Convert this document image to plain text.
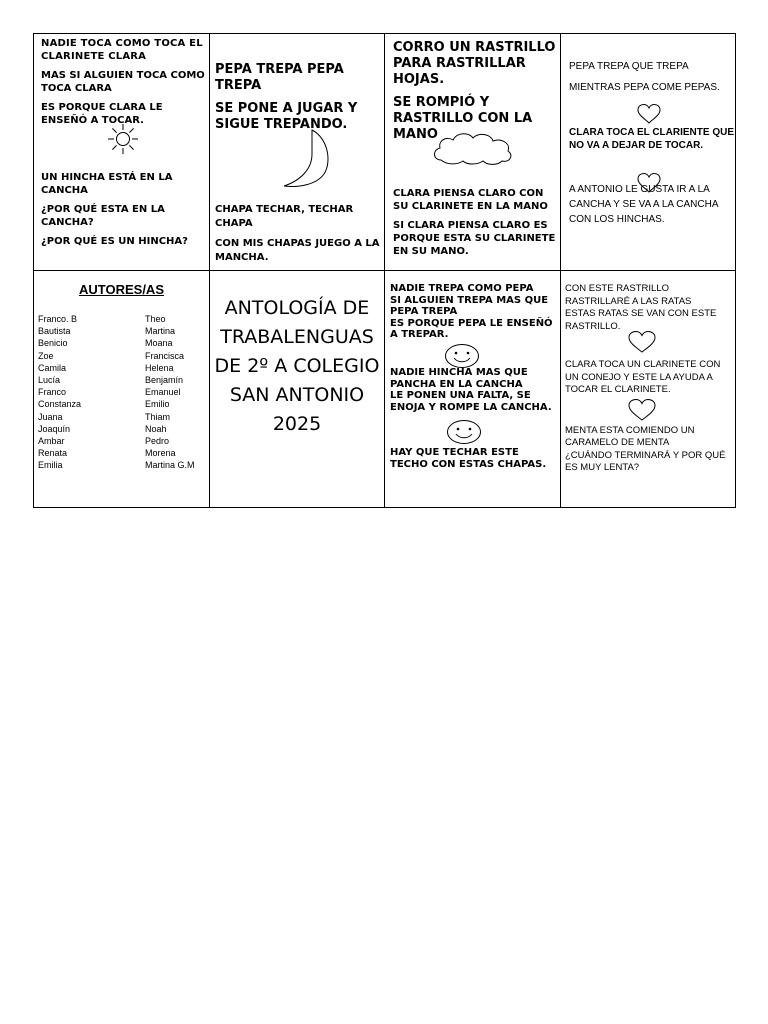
NADIE TOCA COMO TOCA EL CLARINETE CLARA

MAS SI ALGUIEN TOCA COMO TOCA CLARA

ES PORQUE CLARA LE ENSEÑÓ A TOCAR.

UN HINCHA ESTÁ EN LA CANCHA

¿POR QUÉ ESTA EN LA CANCHA?

¿POR QUÉ ES UN HINCHA?

PEPA TREPA PEPA TREPA

SE PONE A JUGAR Y SIGUE TREPANDO.

CHAPA TECHAR, TECHAR CHAPA

CON MIS CHAPAS JUEGO A LA MANCHA.

CORRO UN RASTRILLO PARA RASTRILLAR HOJAS.

SE ROMPIÓ Y RASTRILLO CON LA MANO

CLARA PIENSA CLARO CON SU CLARINETE EN LA MANO

SI CLARA PIENSA CLARO ES PORQUE ESTA SU CLARINETE EN SU MANO.

PEPA TREPA QUE TREPA

MIENTRAS PEPA COME PEPAS.

CLARA TOCA EL CLARIENTE QUE NO VA A DEJAR DE TOCAR.

A ANTONIO LE GUSTA IR A LA CANCHA Y SE VA A LA CANCHA CON LOS HINCHAS.

AUTORES/AS

Franco. B
Bautista
Benicio
Zoe
Camila
Lucía
Franco
Constanza
Juana
Joaquín
Ambar
Renata
Emilia
Theo
Martina
Moana
Francisca
Helena
Benjamín
Emanuel
Emilio
Thiam
Noah
Pedro
Morena
Martina G.M

ANTOLOGÍA DE TRABALENGUAS DE 2º A COLEGIO SAN ANTONIO 2025

NADIE TREPA COMO PEPA

SI ALGUIEN TREPA MAS QUE PEPA TREPA

ES PORQUE PEPA LE ENSEÑÓ A TREPAR.

NADIE HINCHA MAS QUE PANCHA EN LA CANCHA

LE PONEN UNA FALTA, SE ENOJA Y ROMPE LA CANCHA.

HAY QUE TECHAR ESTE TECHO CON ESTAS CHAPAS.

CON ESTE RASTRILLO RASTRILLARÉ A LAS RATAS

ESTAS RATAS SE VAN CON ESTE RASTRILLO.

CLARA TOCA UN CLARINETE CON UN CONEJO Y ESTE LA AYUDA A TOCAR EL CLARINETE.

MENTA ESTA COMIENDO UN CARAMELO DE MENTA

¿CUÁNDO TERMINARÁ Y POR QUÉ ES MUY LENTA?
